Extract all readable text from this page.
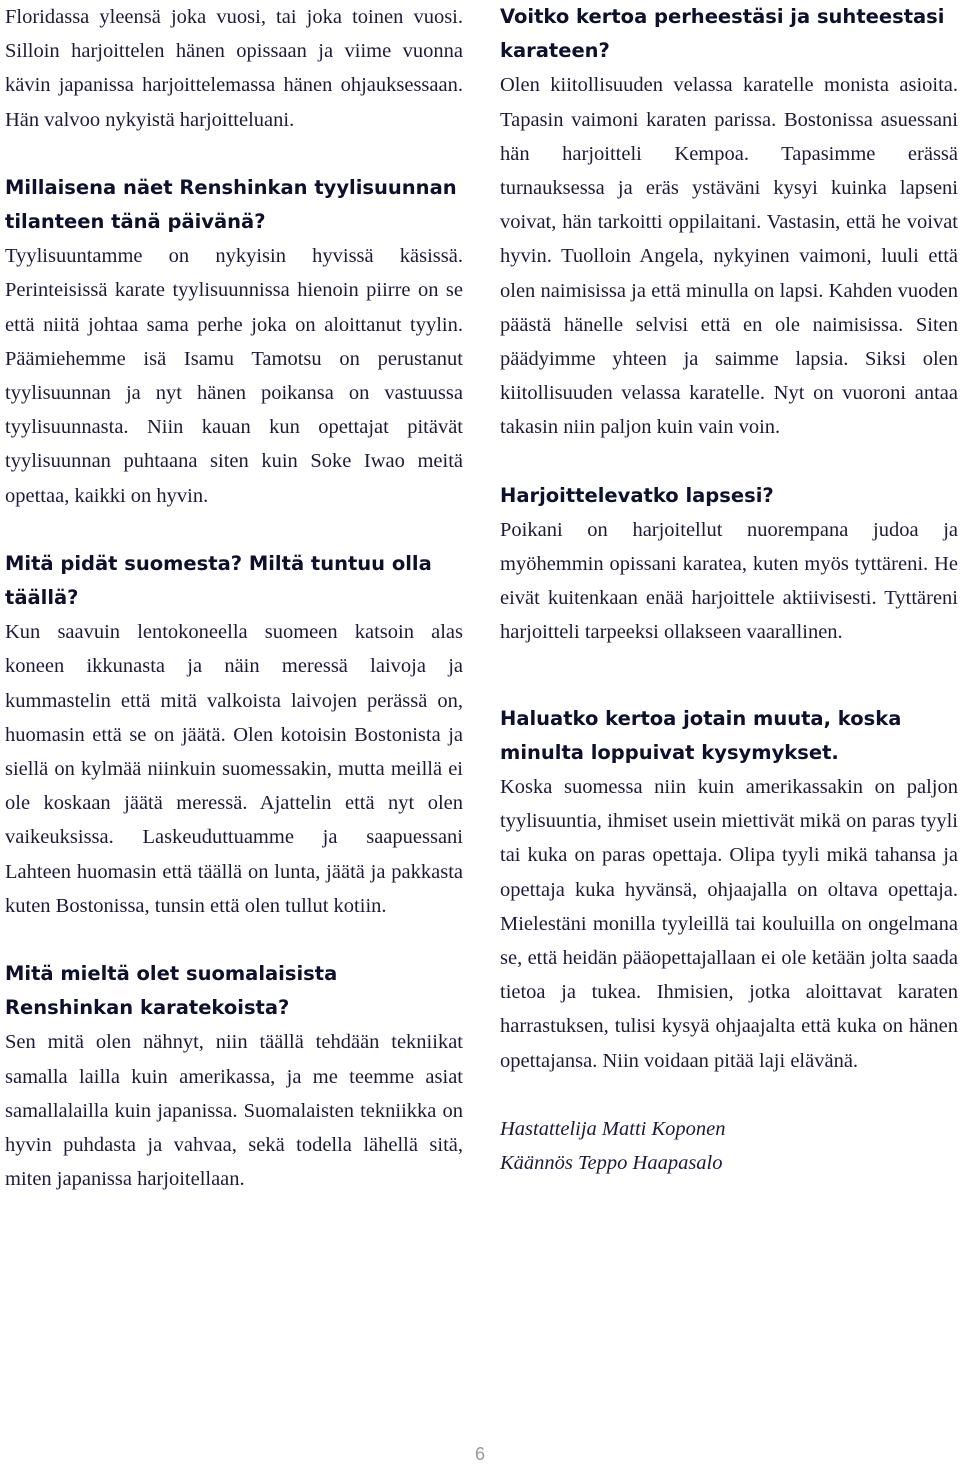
Floridassa yleensä joka vuosi, tai joka toinen vuosi. Silloin harjoittelen hänen opissaan ja viime vuonna kävin japanissa harjoittelemassa hänen ohjauksessaan. Hän valvoo nykyistä harjoitteluani.

Millaisena näet Renshinkan tyylisuunnan tilanteen tänä päivänä?

Tyylisuuntamme on nykyisin hyvissä käsissä. Perinteisissä karate tyylisuunnissa hienoin piirre on se että niitä johtaa sama perhe joka on aloittanut tyylin. Päämiehemme isä Isamu Tamotsu on perustanut tyylisuunnan ja nyt hänen poikansa on vastuussa tyylisuunnasta. Niin kauan kun opettajat pitävät tyylisuunnan puhtaana siten kuin Soke Iwao meitä opettaa, kaikki on hyvin.

Mitä pidät suomesta? Miltä tuntuu olla täällä?

Kun saavuin lentokoneella suomeen katsoin alas koneen ikkunasta ja näin meressä laivoja ja kummastelin että mitä valkoista laivojen perässä on, huomasin että se on jäätä. Olen kotoisin Bostonista ja siellä on kylmää niinkuin suomessakin, mutta meillä ei ole koskaan jäätä meressä. Ajattelin että nyt olen vaikeuksissa. Laskeuduttuamme ja saapuessani Lahteen huomasin että täällä on lunta, jäätä ja pakkasta kuten Bostonissa, tunsin että olen tullut kotiin.

Mitä mieltä olet suomalaisista Renshinkan karatekoista?

Sen mitä olen nähnyt, niin täällä tehdään tekniikat samalla lailla kuin amerikassa, ja me teemme asiat samallalailla kuin japanissa. Suomalaisten tekniikka on hyvin puhdasta ja vahvaa, sekä todella lähellä sitä, miten japanissa harjoitellaan.

Voitko kertoa perheestäsi ja suhteestasi karateen?

Olen kiitollisuuden velassa karatelle monista asioita. Tapasin vaimoni karaten parissa. Bostonissa asuessani hän harjoitteli Kempoa. Tapasimme erässä turnauksessa ja eräs ystäväni kysyi kuinka lapseni voivat, hän tarkoitti oppilaitani. Vastasin, että he voivat hyvin. Tuolloin Angela, nykyinen vaimoni, luuli että olen naimisissa ja että minulla on lapsi. Kahden vuoden päästä hänelle selvisi että en ole naimisissa. Siten päädyimme yhteen ja saimme lapsia. Siksi olen kiitollisuuden velassa karatelle. Nyt on vuoroni antaa takasin niin paljon kuin vain voin.

Harjoittelevatko lapsesi?

Poikani on harjoitellut nuorempana judoa ja myöhemmin opissani karatea, kuten myös tyttäreni. He eivät kuitenkaan enää harjoittele aktiivisesti. Tyttäreni harjoitteli tarpeeksi ollakseen vaarallinen.

Haluatko kertoa jotain muuta, koska minulta loppuivat kysymykset.

Koska suomessa niin kuin amerikassakin on paljon tyylisuuntia, ihmiset usein miettivät mikä on paras tyyli tai kuka on paras opettaja. Olipa tyyli mikä tahansa ja opettaja kuka hyvänsä, ohjaajalla on oltava opettaja. Mielestäni monilla tyyleillä tai kouluilla on ongelmana se, että heidän pääopettajallaan ei ole ketään jolta saada tietoa ja tukea. Ihmisien, jotka aloittavat karaten harrastuksen, tulisi kysyä ohjaajalta että kuka on hänen opettajansa. Niin voidaan pitää laji elävänä.

Hastattelija Matti Koponen
Käännös Teppo Haapasalo
6
